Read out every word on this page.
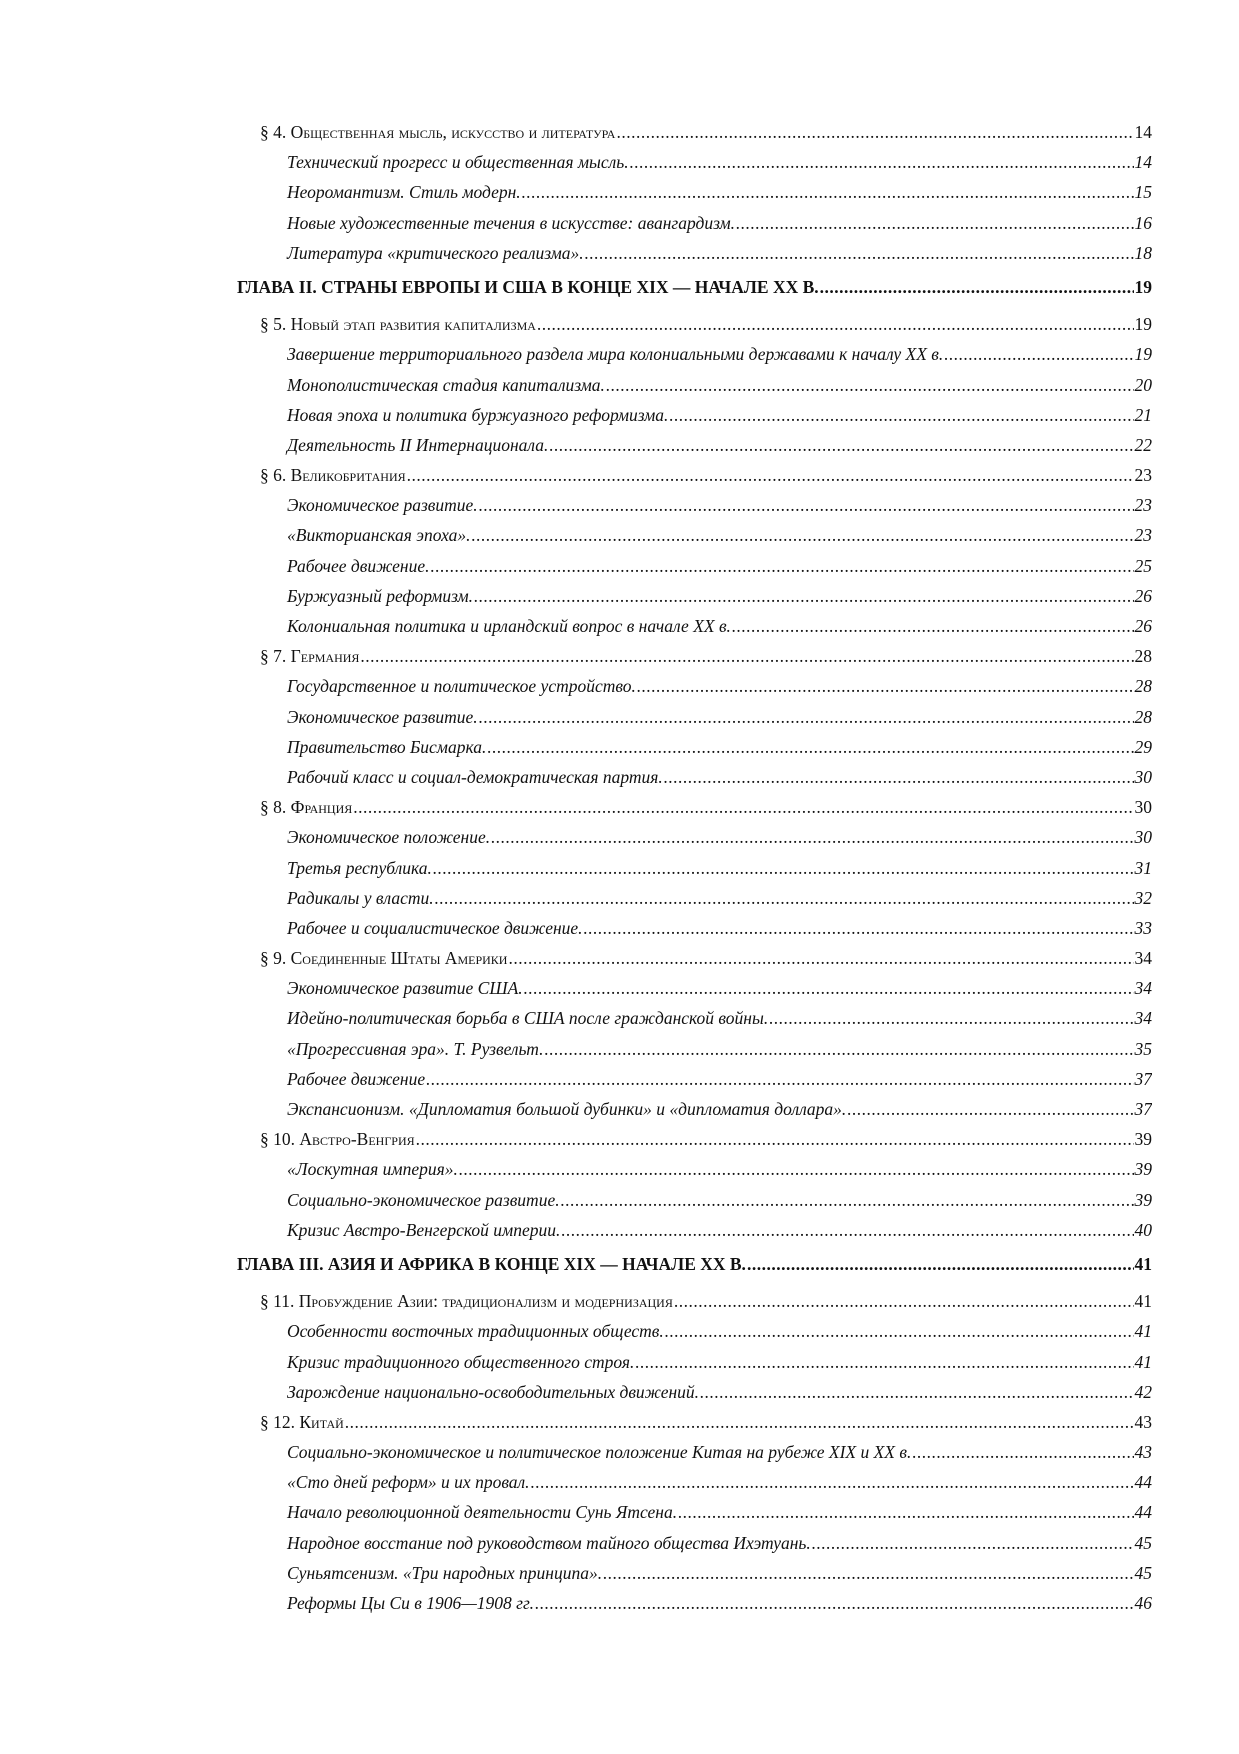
§ 4. Общественная мысль, искусство и литература .....	14
Технический прогресс и общественная мысль. .....	14
Неоромантизм. Стиль модерн. .....	15
Новые художественные течения в искусстве: авангардизм. .....	16
Литература «критического реализма». .....	18
ГЛАВА II. СТРАНЫ ЕВРОПЫ И США В КОНЦЕ XIX — НАЧАЛЕ XX В. .....	19
§ 5. Новый этап развития капитализма .....	19
Завершение территориального раздела мира колониальными державами к началу XX в. .....	19
Монополистическая стадия капитализма. .....	20
Новая эпоха и политика буржуазного реформизма. .....	21
Деятельность II Интернационала. .....	22
§ 6. Великобритания .....	23
Экономическое развитие. .....	23
«Викторианская эпоха». .....	23
Рабочее движение. .....	25
Буржуазный реформизм. .....	26
Колониальная политика и ирландский вопрос в начале XX в. .....	26
§ 7. Германия .....	28
Государственное и политическое устройство. .....	28
Экономическое развитие. .....	28
Правительство Бисмарка. .....	29
Рабочий класс и социал-демократическая партия. .....	30
§ 8. Франция .....	30
Экономическое положение. .....	30
Третья республика. .....	31
Радикалы у власти. .....	32
Рабочее и социалистическое движение. .....	33
§ 9. Соединенные Штаты Америки .....	34
Экономическое развитие США. .....	34
Идейно-политическая борьба в США после гражданской войны. .....	34
«Прогрессивная эра». Т. Рузвельт. .....	35
Рабочее движение .....	37
Экспансионизм. «Дипломатия большой дубинки» и «дипломатия доллара». .....	37
§ 10. Австро-Венгрия .....	39
«Лоскутная империя». .....	39
Социально-экономическое развитие. .....	39
Кризис Австро-Венгерской империи. .....	40
ГЛАВА III. АЗИЯ И АФРИКА В КОНЦЕ XIX — НАЧАЛЕ XX В. .....	41
§ 11. Пробуждение Азии: традиционализм и модернизация .....	41
Особенности восточных традиционных обществ. .....	41
Кризис традиционного общественного строя. .....	41
Зарождение национально-освободительных движений. .....	42
§ 12. Китай .....	43
Социально-экономическое и политическое положение Китая на рубеже XIX и XX в. .....	43
«Сто дней реформ» и их провал. .....	44
Начало революционной деятельности Сунь Ятсена. .....	44
Народное восстание под руководством тайного общества Ихэтуань. .....	45
Суньятсенизм. «Три народных принципа». .....	45
Реформы Цы Си в 1906—1908 гг. .....	46
